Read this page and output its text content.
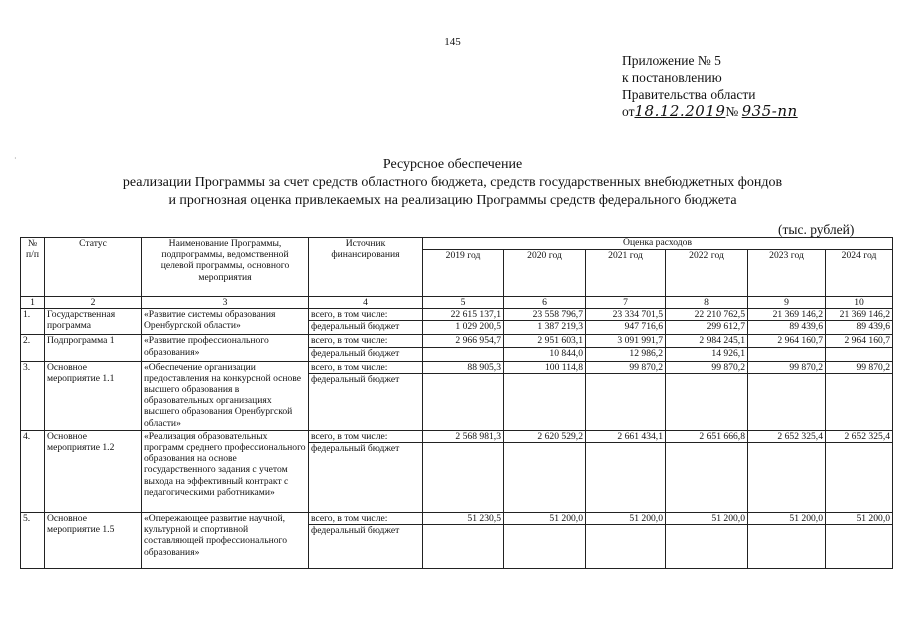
145
Приложение № 5
к постановлению
Правительства области
от18.12.2019№ 935-пп
·	Ресурсное обеспечение
реализации Программы за счет средств областного бюджета, средств государственных внебюджетных фондов
и прогнозная оценка привлекаемых на реализацию Программы средств федерального бюджета
(тыс. рублей)
№ п/п	Статус	Наименование Программы, подпрограммы, ведомственной целевой программы, основного мероприятия	Источник финансирования	Оценка расходов					
				2019 год	2020 год	2021 год	2022 год	2023 год	2024 год
1	2	3	4	5	6	7	8	9	10
1.	Государственная программа	«Развитие системы образования Оренбургской области»	всего, в том числе:	22 615 137,1	23 558 796,7	23 334 701,5	22 210 762,5	21 369 146,2	21 369 146,2
			федеральный бюджет	1 029 200,5	1 387 219,3	947 716,6	299 612,7	89 439,6	89 439,6
2.	Подпрограмма 1	«Развитие профессионального образования»	всего, в том числе:	2 966 954,7	2 951 603,1	3 091 991,7	2 984 245,1	2 964 160,7	2 964 160,7
			федеральный бюджет		10 844,0	12 986,2	14 926,1		
3.	Основное мероприятие 1.1	«Обеспечение организации предоставления на конкурсной основе высшего образования в образовательных организациях высшего образования Оренбургской области»	всего, в том числе:	88 905,3	100 114,8	99 870,2	99 870,2	99 870,2	99 870,2
			федеральный бюджет						
4.	Основное мероприятие 1.2	«Реализация образовательных программ среднего профессионального образования на основе государственного задания с учетом выхода на эффективный контракт с педагогическими работниками»	всего, в том числе:	2 568 981,3	2 620 529,2	2 661 434,1	2 651 666,8	2 652 325,4	2 652 325,4
			федеральный бюджет						
5.	Основное мероприятие 1.5	«Опережающее развитие научной, культурной и спортивной составляющей профессионального образования»	всего, в том числе:	51 230,5	51 200,0	51 200,0	51 200,0	51 200,0	51 200,0
			федеральный бюджет						
